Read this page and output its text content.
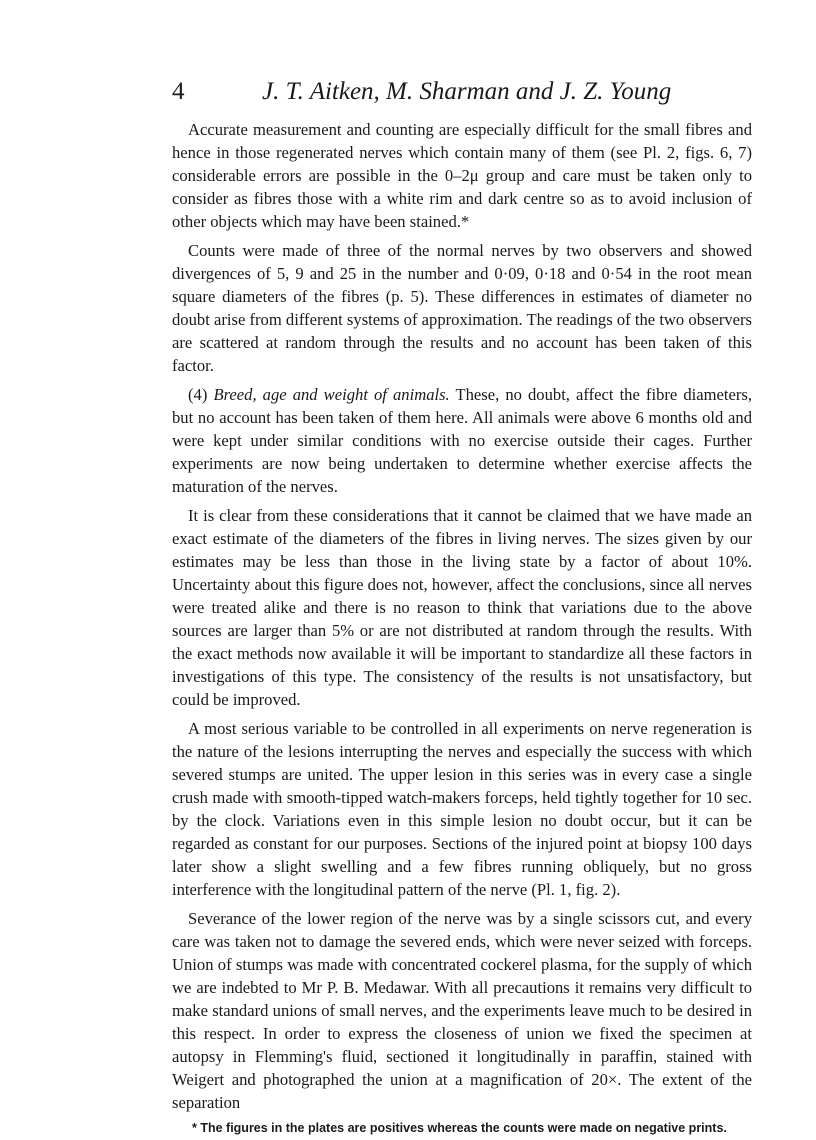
4	J. T. Aitken, M. Sharman and J. Z. Young

Accurate measurement and counting are especially difficult for the small fibres and hence in those regenerated nerves which contain many of them (see Pl. 2, figs. 6, 7) considerable errors are possible in the 0–2μ group and care must be taken only to consider as fibres those with a white rim and dark centre so as to avoid inclusion of other objects which may have been stained.*

Counts were made of three of the normal nerves by two observers and showed divergences of 5, 9 and 25 in the number and 0·09, 0·18 and 0·54 in the root mean square diameters of the fibres (p. 5). These differences in estimates of diameter no doubt arise from different systems of approximation. The readings of the two observers are scattered at random through the results and no account has been taken of this factor.

(4) Breed, age and weight of animals. These, no doubt, affect the fibre diameters, but no account has been taken of them here. All animals were above 6 months old and were kept under similar conditions with no exercise outside their cages. Further experiments are now being undertaken to determine whether exercise affects the maturation of the nerves.

It is clear from these considerations that it cannot be claimed that we have made an exact estimate of the diameters of the fibres in living nerves. The sizes given by our estimates may be less than those in the living state by a factor of about 10%. Uncertainty about this figure does not, however, affect the conclusions, since all nerves were treated alike and there is no reason to think that variations due to the above sources are larger than 5% or are not distributed at random through the results. With the exact methods now available it will be important to standardize all these factors in investigations of this type. The consistency of the results is not unsatisfactory, but could be improved.

A most serious variable to be controlled in all experiments on nerve regeneration is the nature of the lesions interrupting the nerves and especially the success with which severed stumps are united. The upper lesion in this series was in every case a single crush made with smooth-tipped watch-makers forceps, held tightly together for 10 sec. by the clock. Variations even in this simple lesion no doubt occur, but it can be regarded as constant for our purposes. Sections of the injured point at biopsy 100 days later show a slight swelling and a few fibres running obliquely, but no gross interference with the longitudinal pattern of the nerve (Pl. 1, fig. 2).

Severance of the lower region of the nerve was by a single scissors cut, and every care was taken not to damage the severed ends, which were never seized with forceps. Union of stumps was made with concentrated cockerel plasma, for the supply of which we are indebted to Mr P. B. Medawar. With all precautions it remains very difficult to make standard unions of small nerves, and the experiments leave much to be desired in this respect. In order to express the closeness of union we fixed the specimen at autopsy in Flemming's fluid, sectioned it longitudinally in paraffin, stained with Weigert and photographed the union at a magnification of 20×. The extent of the separation

* The figures in the plates are positives whereas the counts were made on negative prints.
